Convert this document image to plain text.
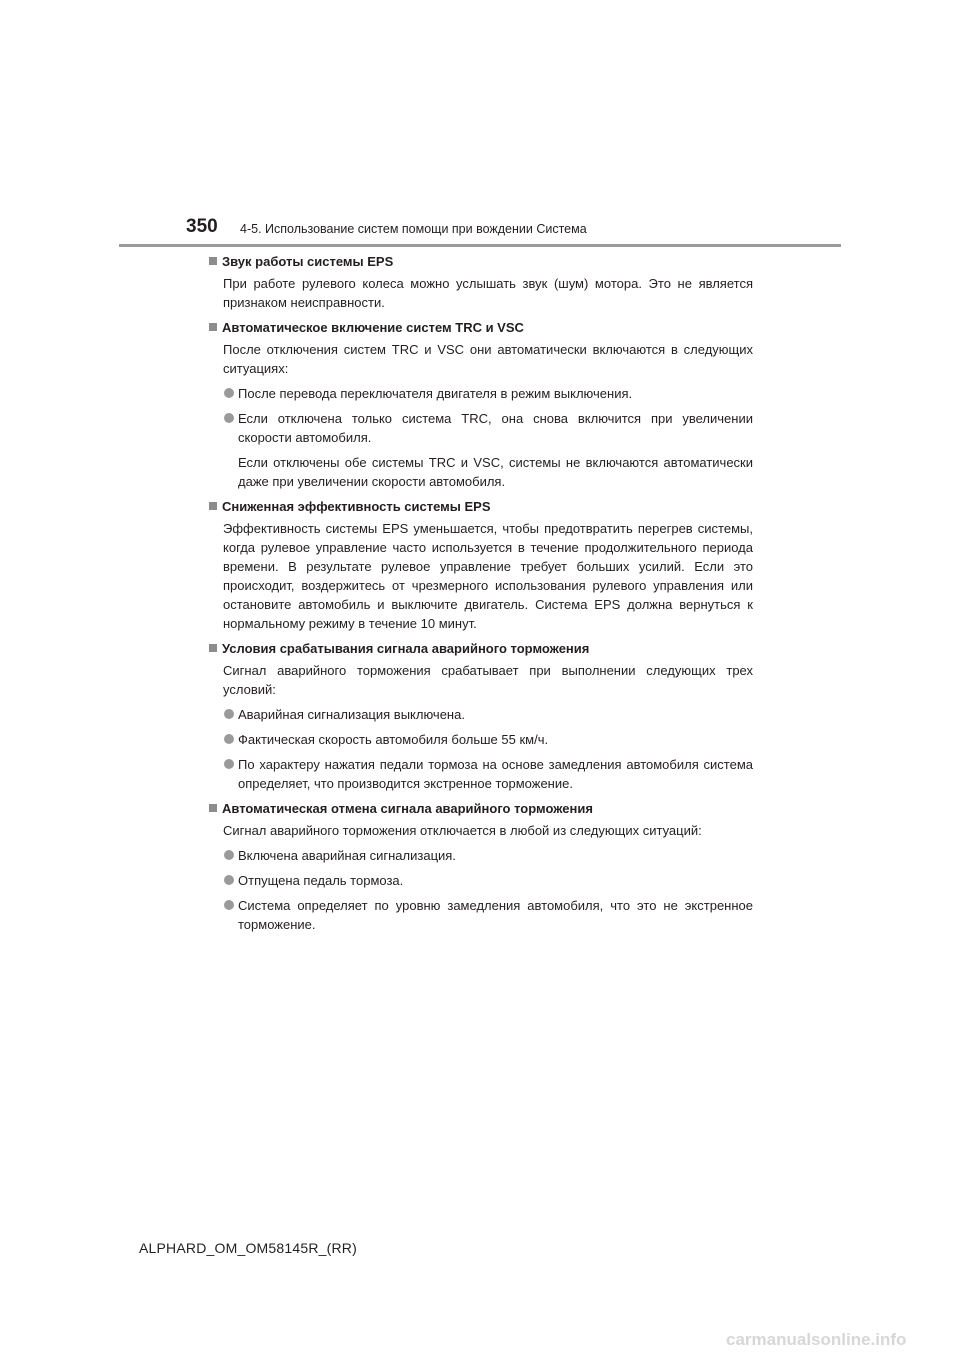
350 4-5. Использование систем помощи при вождении Система
Звук работы системы EPS
При работе рулевого колеса можно услышать звук (шум) мотора. Это не является признаком неисправности.
Автоматическое включение систем TRC и VSC
После отключения систем TRC и VSC они автоматически включаются в следующих ситуациях:
После перевода переключателя двигателя в режим выключения.
Если отключена только система TRC, она снова включится при увеличении скорости автомобиля.
Если отключены обе системы TRC и VSC, системы не включаются автоматически даже при увеличении скорости автомобиля.
Сниженная эффективность системы EPS
Эффективность системы EPS уменьшается, чтобы предотвратить перегрев системы, когда рулевое управление часто используется в течение продолжительного периода времени. В результате рулевое управление требует больших усилий. Если это происходит, воздержитесь от чрезмерного использования рулевого управления или остановите автомобиль и выключите двигатель. Система EPS должна вернуться к нормальному режиму в течение 10 минут.
Условия срабатывания сигнала аварийного торможения
Сигнал аварийного торможения срабатывает при выполнении следующих трех условий:
Аварийная сигнализация выключена.
Фактическая скорость автомобиля больше 55 км/ч.
По характеру нажатия педали тормоза на основе замедления автомобиля система определяет, что производится экстренное торможение.
Автоматическая отмена сигнала аварийного торможения
Сигнал аварийного торможения отключается в любой из следующих ситуаций:
Включена аварийная сигнализация.
Отпущена педаль тормоза.
Система определяет по уровню замедления автомобиля, что это не экстренное торможение.
ALPHARD_OM_OM58145R_(RR)
carmanualsonline.info
